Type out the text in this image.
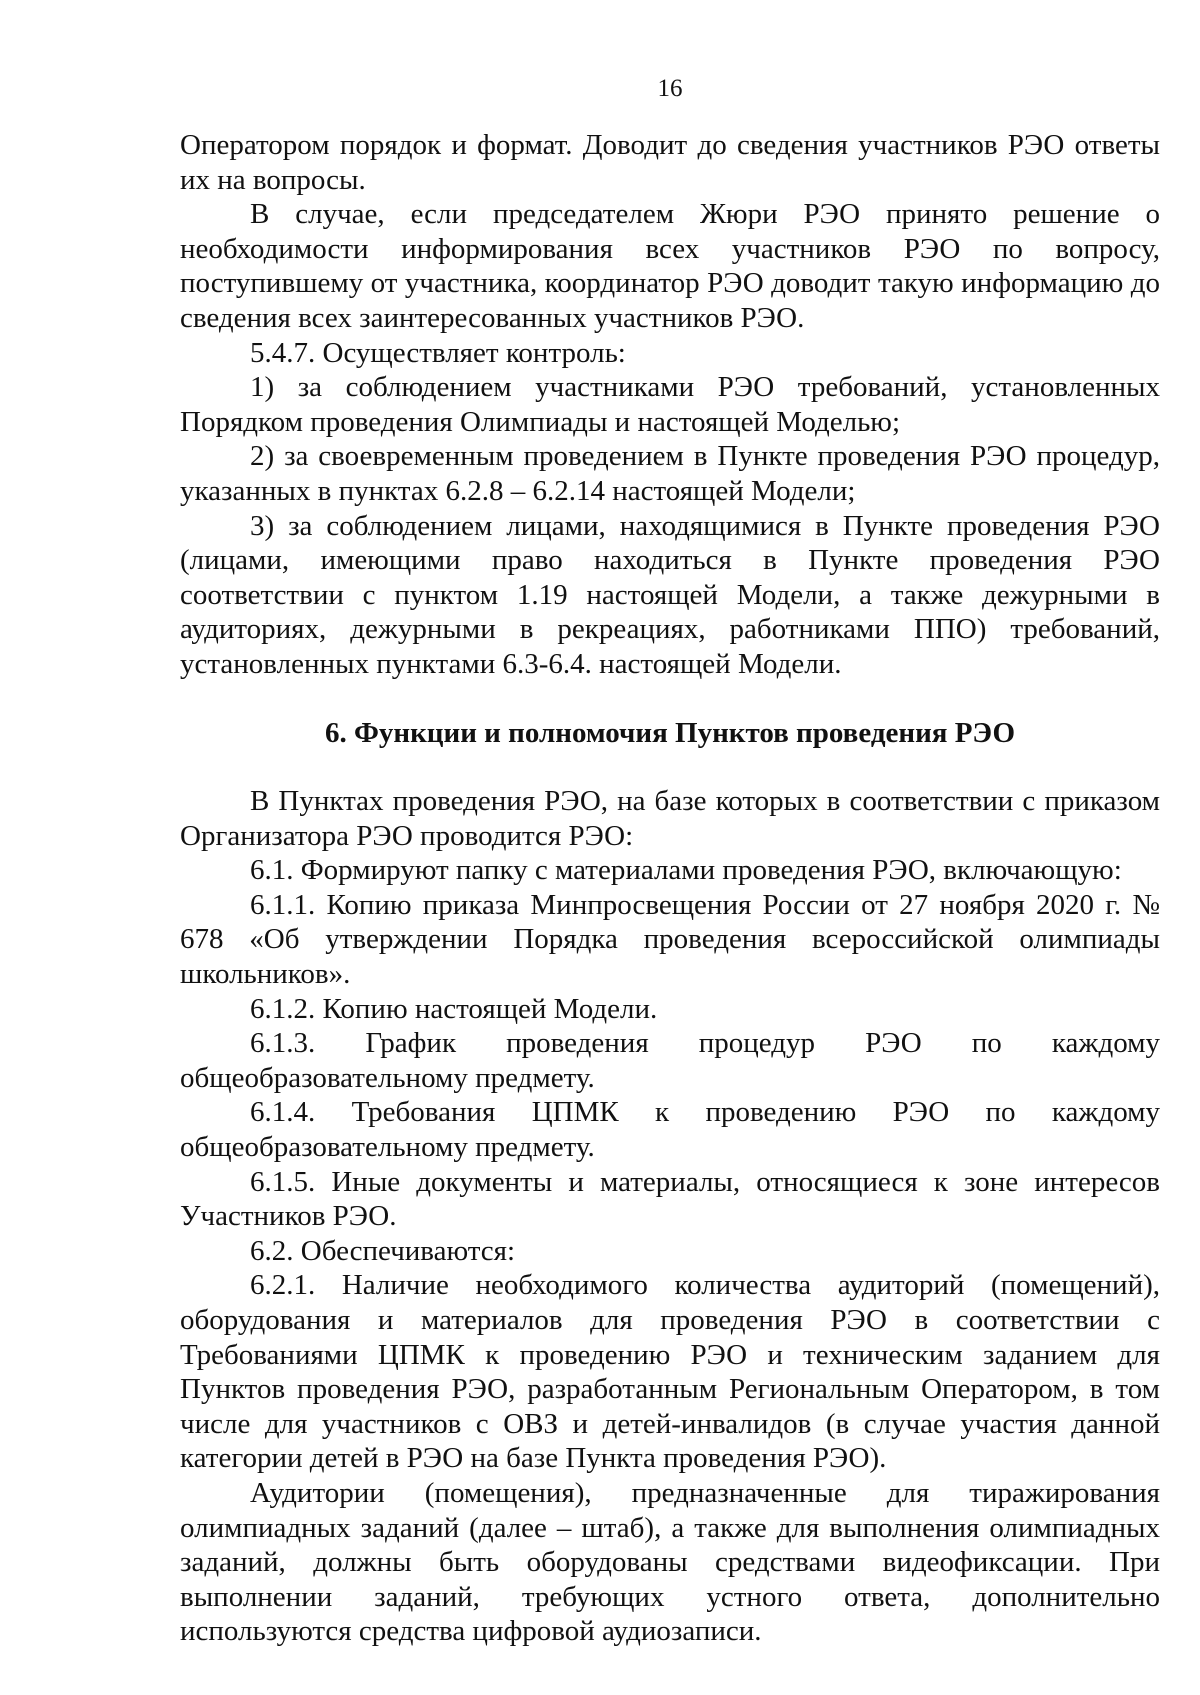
16

Оператором порядок и формат. Доводит до сведения участников РЭО ответы их на вопросы.

В случае, если председателем Жюри РЭО принято решение о необходимости информирования всех участников РЭО по вопросу, поступившему от участника, координатор РЭО доводит такую информацию до сведения всех заинтересованных участников РЭО.

5.4.7. Осуществляет контроль:

1) за соблюдением участниками РЭО требований, установленных Порядком проведения Олимпиады и настоящей Моделью;

2) за своевременным проведением в Пункте проведения РЭО процедур, указанных в пунктах 6.2.8 – 6.2.14 настоящей Модели;

3) за соблюдением лицами, находящимися в Пункте проведения РЭО (лицами, имеющими право находиться в Пункте проведения РЭО соответствии с пунктом 1.19 настоящей Модели, а также дежурными в аудиториях, дежурными в рекреациях, работниками ППО) требований, установленных пунктами 6.3-6.4. настоящей Модели.

6. Функции и полномочия Пунктов проведения РЭО

В Пунктах проведения РЭО, на базе которых в соответствии с приказом Организатора РЭО проводится РЭО:

6.1. Формируют папку с материалами проведения РЭО, включающую:

6.1.1. Копию приказа Минпросвещения России от 27 ноября 2020 г. № 678 «Об утверждении Порядка проведения всероссийской олимпиады школьников».

6.1.2. Копию настоящей Модели.

6.1.3. График проведения процедур РЭО по каждому общеобразовательному предмету.

6.1.4. Требования ЦПМК к проведению РЭО по каждому общеобразовательному предмету.

6.1.5. Иные документы и материалы, относящиеся к зоне интересов Участников РЭО.

6.2. Обеспечиваются:

6.2.1. Наличие необходимого количества аудиторий (помещений), оборудования и материалов для проведения РЭО в соответствии с Требованиями ЦПМК к проведению РЭО и техническим заданием для Пунктов проведения РЭО, разработанным Региональным Оператором, в том числе для участников с ОВЗ и детей-инвалидов (в случае участия данной категории детей в РЭО на базе Пункта проведения РЭО).

Аудитории (помещения), предназначенные для тиражирования олимпиадных заданий (далее – штаб), а также для выполнения олимпиадных заданий, должны быть оборудованы средствами видеофиксации. При выполнении заданий, требующих устного ответа, дополнительно используются средства цифровой аудиозаписи.
